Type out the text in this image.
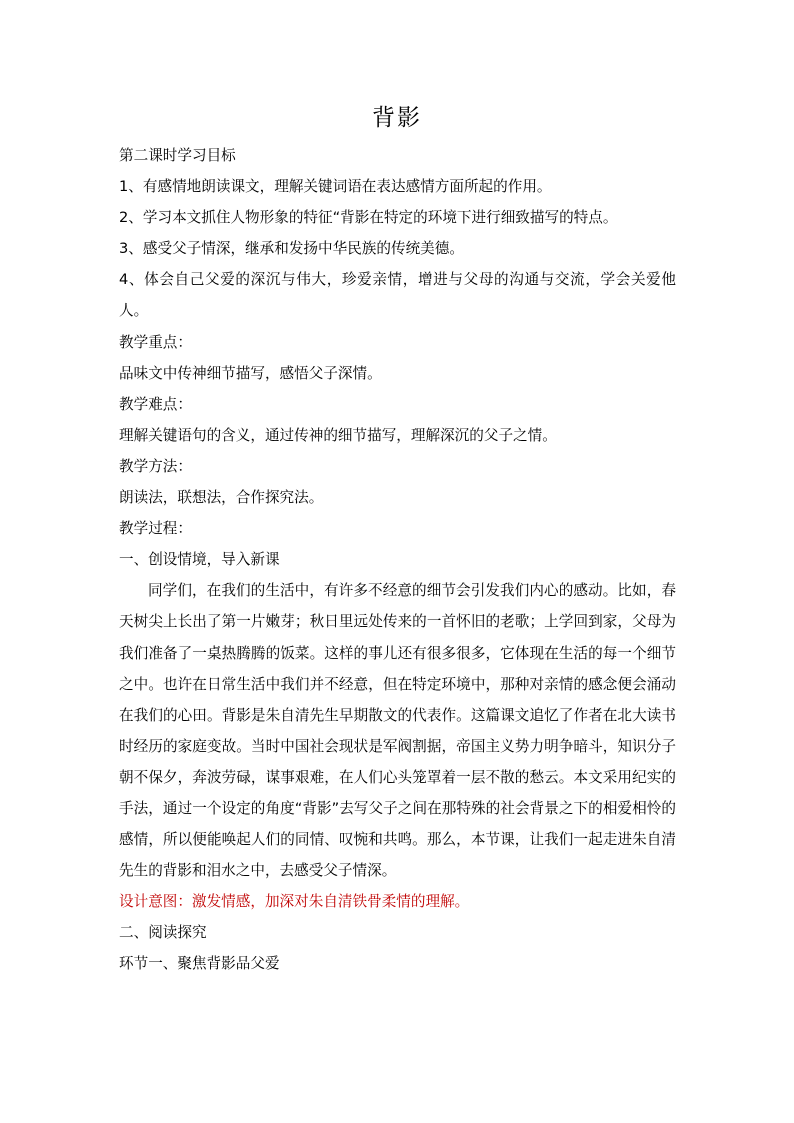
背影

第二课时学习目标

1、有感情地朗读课文，理解关键词语在表达感情方面所起的作用。

2、学习本文抓住人物形象的特征“背影在特定的环境下进行细致描写的特点。

3、感受父子情深，继承和发扬中华民族的传统美德。

4、体会自己父爱的深沉与伟大，珍爱亲情，增进与父母的沟通与交流，学会关爱他人。

教学重点：

品味文中传神细节描写，感悟父子深情。

教学难点：

理解关键语句的含义，通过传神的细节描写，理解深沉的父子之情。

教学方法：

朗读法，联想法，合作探究法。

教学过程：

一、创设情境，导入新课

同学们，在我们的生活中，有许多不经意的细节会引发我们内心的感动。比如，春天树尖上长出了第一片嫩芽；秋日里远处传来的一首怀旧的老歌；上学回到家，父母为我们准备了一桌热腾腾的饭菜。这样的事儿还有很多很多，它体现在生活的每一个细节之中。也许在日常生活中我们并不经意，但在特定环境中，那种对亲情的感念便会涌动在我们的心田。背影是朱自清先生早期散文的代表作。这篇课文追忆了作者在北大读书时经历的家庭变故。当时中国社会现状是军阀割据，帝国主义势力明争暗斗，知识分子朝不保夕，奔波劳碌，谋事艰难，在人们心头笼罩着一层不散的愁云。本文采用纪实的手法，通过一个设定的角度“背影”去写父子之间在那特殊的社会背景之下的相爱相怜的感情，所以便能唤起人们的同情、叹惋和共鸣。那么，本节课，让我们一起走进朱自清先生的背影和泪水之中，去感受父子情深。

设计意图：激发情感，加深对朱自清铁骨柔情的理解。

二、阅读探究

环节一、聚焦背影品父爱
